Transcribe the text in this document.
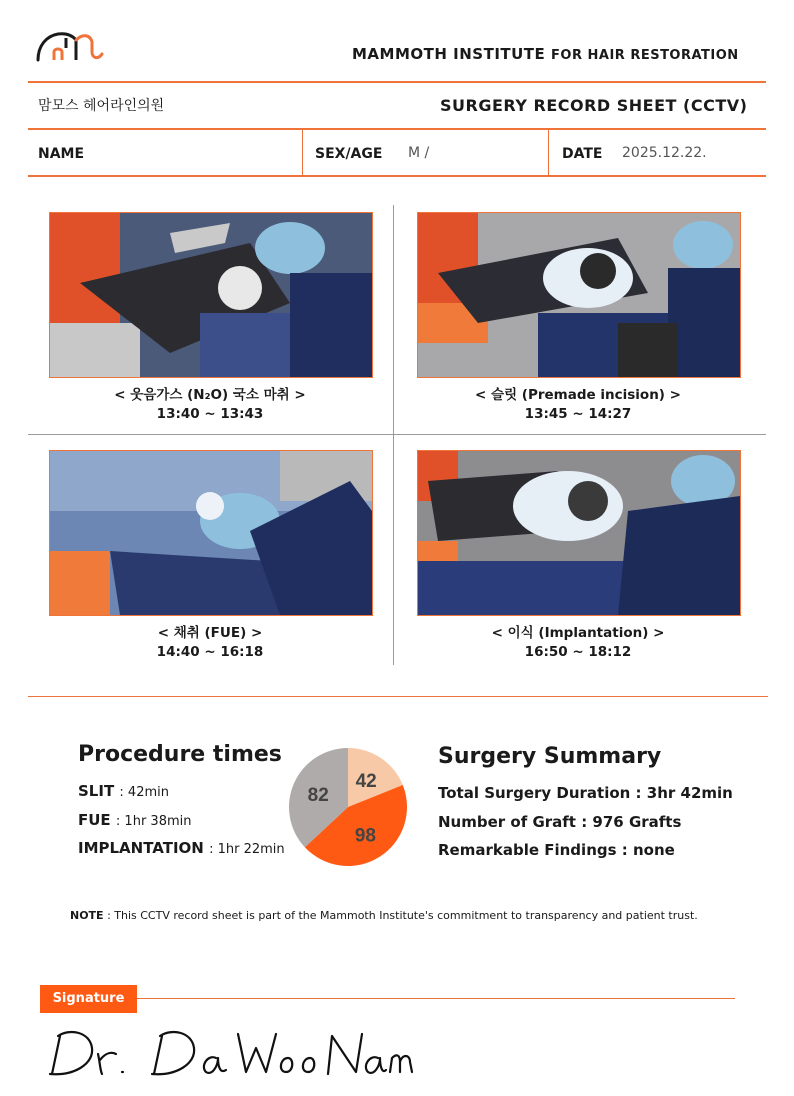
MAMMOTH INSTITUTE FOR HAIR RESTORATION
맘모스 헤어라인의원	SURGERY RECORD SHEET (CCTV)
NAME	SEX/AGE M /	DATE 2025.12.22.
< 웃음가스 (N₂O) 국소 마취 >
13:40 ~ 13:43
< 슬릿 (Premade incision) >
13:45 ~ 14:27
< 채취 (FUE) >
14:40 ~ 16:18
< 이식 (Implantation) >
16:50 ~ 18:12
Procedure times
SLIT : 42min
FUE : 1hr 38min
IMPLANTATION : 1hr 22min
42
98
82
Surgery Summary
Total Surgery Duration : 3hr 42min
Number of Graft : 976 Grafts
Remarkable Findings : none
NOTE : This CCTV record sheet is part of the Mammoth Institute's commitment to transparency and patient trust.
Signature
